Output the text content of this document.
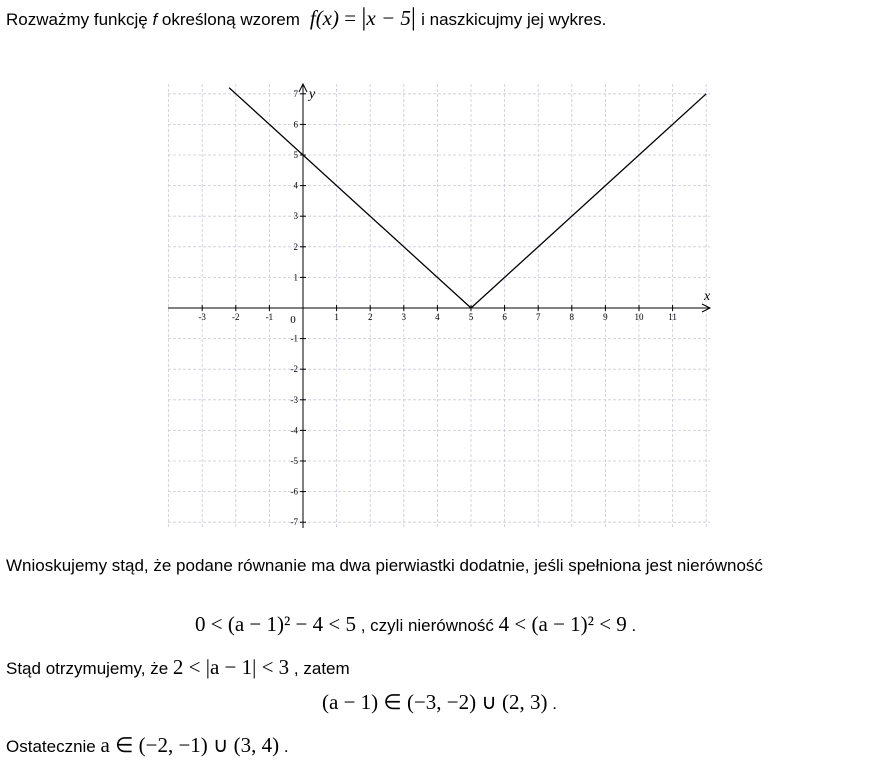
Rozważmy funkcję f określoną wzorem f(x) = |x − 5| i naszkicujmy jej wykres.
-3	-2	-1 0	1	2	3	4	5	6	7	8	9	10	11
7
6
5
4
3
2
1
-1
-2
-3
-4
-5
-6
-7
x
y
Wnioskujemy stąd, że podane równanie ma dwa pierwiastki dodatnie, jeśli spełniona jest nierówność
0 < (a − 1)² − 4 < 5 , czyli nierówność 4 < (a − 1)² < 9 .
Stąd otrzymujemy, że 2 < |a − 1| < 3 , zatem
(a − 1) ∈ (−3, −2) ∪ (2, 3) .
Ostatecznie a ∈ (−2, −1) ∪ (3, 4) .
